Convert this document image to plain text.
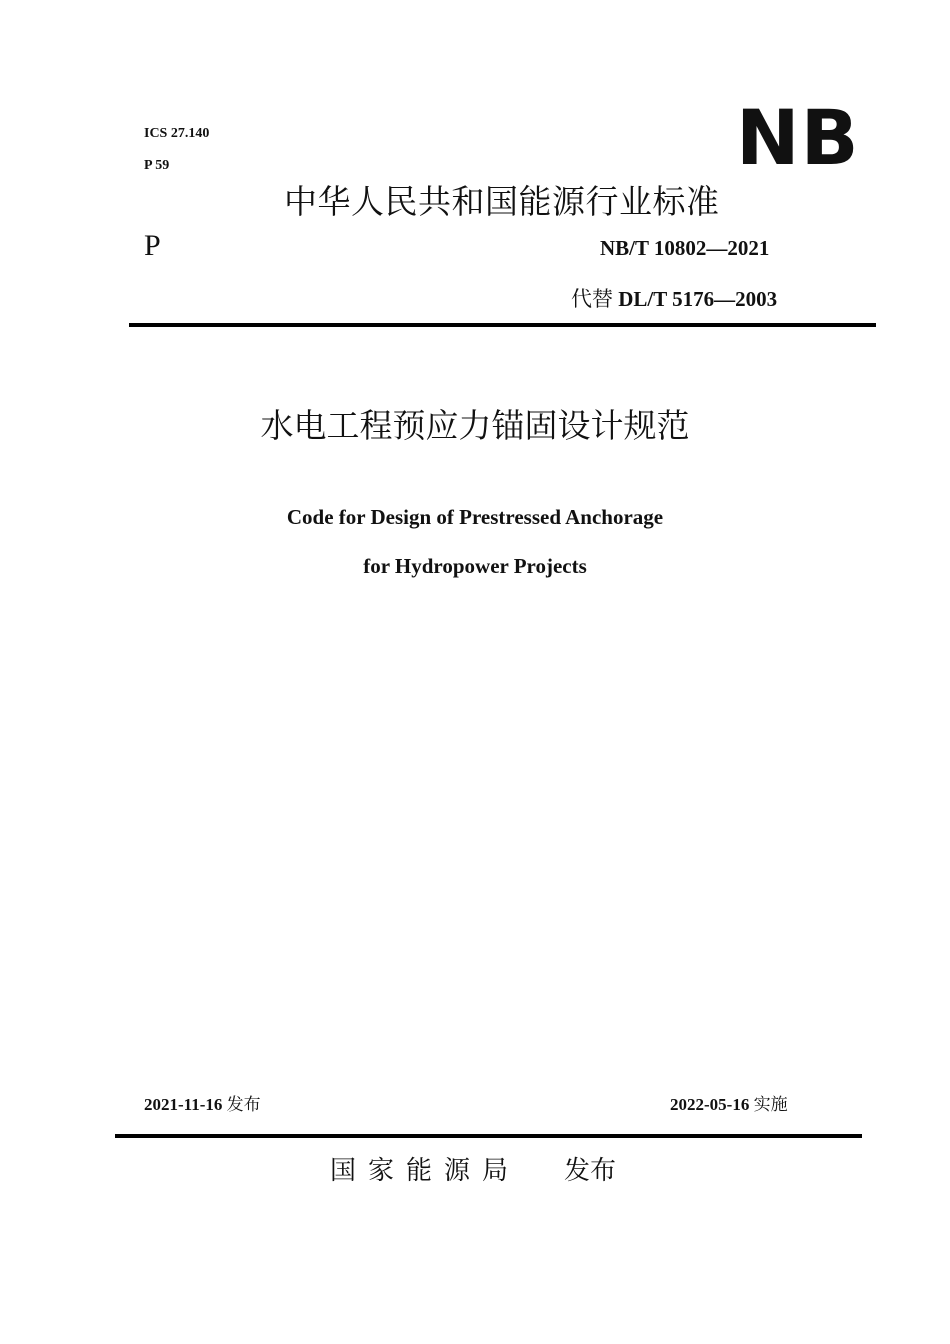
ICS 27.140
P 59	NB
中华人民共和国能源行业标准
P	NB/T 10802—2021
代替 DL/T 5176—2003
水电工程预应力锚固设计规范
Code for Design of Prestressed Anchorage
for Hydropower Projects
2021-11-16 发布	2022-05-16 实施
国家能源局 发布
